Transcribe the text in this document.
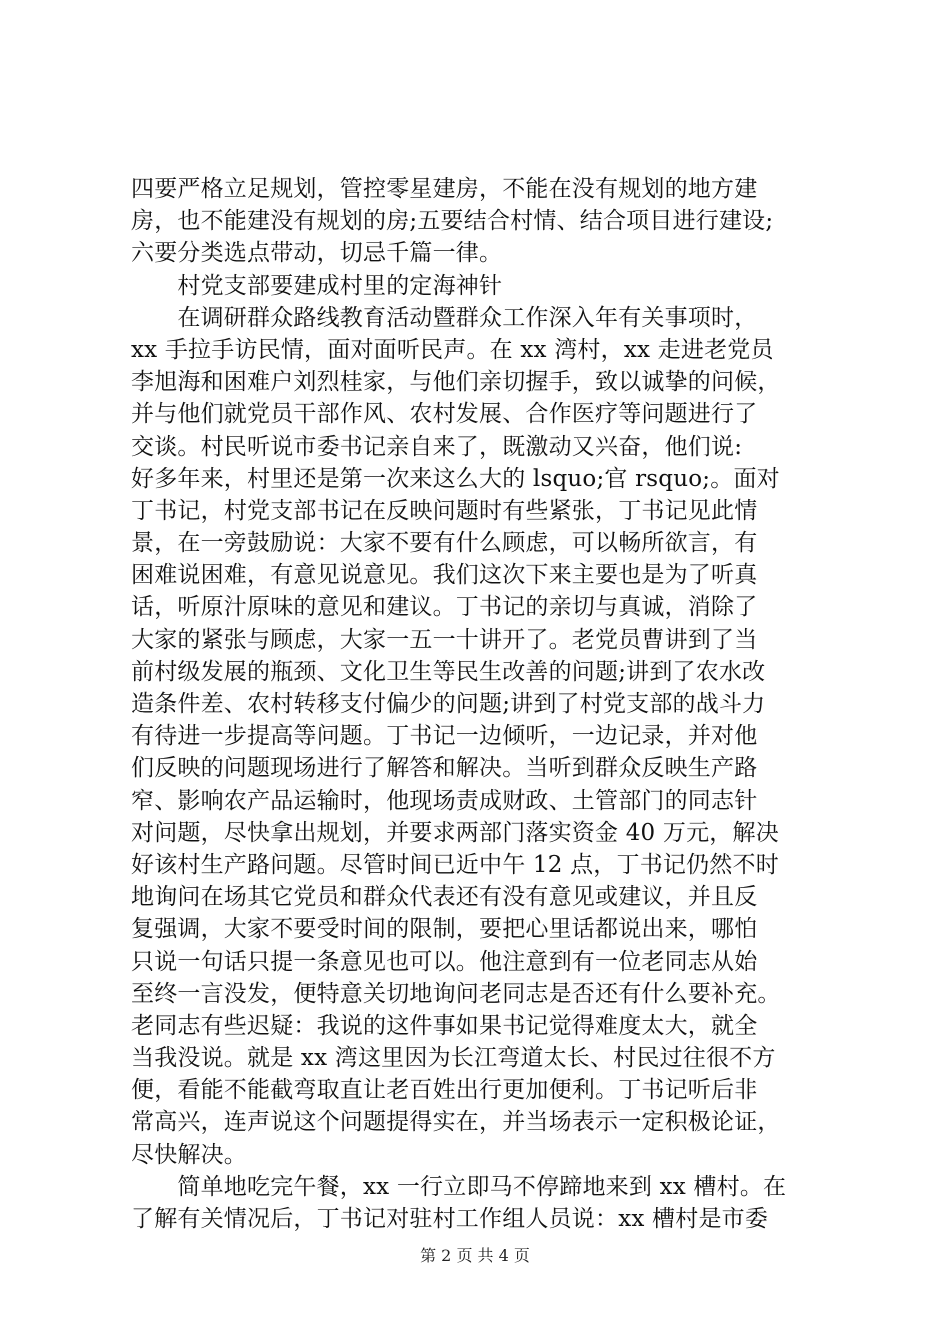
四要严格立足规划，管控零星建房，不能在没有规划的地方建
房，也不能建没有规划的房;五要结合村情、结合项目进行建设;
六要分类选点带动，切忌千篇一律。
　　村党支部要建成村里的定海神针
　　在调研群众路线教育活动暨群众工作深入年有关事项时，
xx 手拉手访民情，面对面听民声。在 xx 湾村，xx 走进老党员
李旭海和困难户刘烈桂家，与他们亲切握手，致以诚挚的问候，
并与他们就党员干部作风、农村发展、合作医疗等问题进行了
交谈。村民听说市委书记亲自来了，既激动又兴奋，他们说:
好多年来，村里还是第一次来这么大的 lsquo;官 rsquo;。面对
丁书记，村党支部书记在反映问题时有些紧张，丁书记见此情
景，在一旁鼓励说：大家不要有什么顾虑，可以畅所欲言，有
困难说困难，有意见说意见。我们这次下来主要也是为了听真
话，听原汁原味的意见和建议。丁书记的亲切与真诚，消除了
大家的紧张与顾虑，大家一五一十讲开了。老党员曹讲到了当
前村级发展的瓶颈、文化卫生等民生改善的问题;讲到了农水改
造条件差、农村转移支付偏少的问题;讲到了村党支部的战斗力
有待进一步提高等问题。丁书记一边倾听，一边记录，并对他
们反映的问题现场进行了解答和解决。当听到群众反映生产路
窄、影响农产品运输时，他现场责成财政、土管部门的同志针
对问题，尽快拿出规划，并要求两部门落实资金 40 万元，解决
好该村生产路问题。尽管时间已近中午 12 点，丁书记仍然不时
地询问在场其它党员和群众代表还有没有意见或建议，并且反
复强调，大家不要受时间的限制，要把心里话都说出来，哪怕
只说一句话只提一条意见也可以。他注意到有一位老同志从始
至终一言没发，便特意关切地询问老同志是否还有什么要补充。
老同志有些迟疑：我说的这件事如果书记觉得难度太大，就全
当我没说。就是 xx 湾这里因为长江弯道太长、村民过往很不方
便，看能不能截弯取直让老百姓出行更加便利。丁书记听后非
常高兴，连声说这个问题提得实在，并当场表示一定积极论证，
尽快解决。
　　简单地吃完午餐，xx 一行立即马不停蹄地来到 xx 槽村。在
了解有关情况后，丁书记对驻村工作组人员说：xx 槽村是市委
第 2 页 共 4 页
